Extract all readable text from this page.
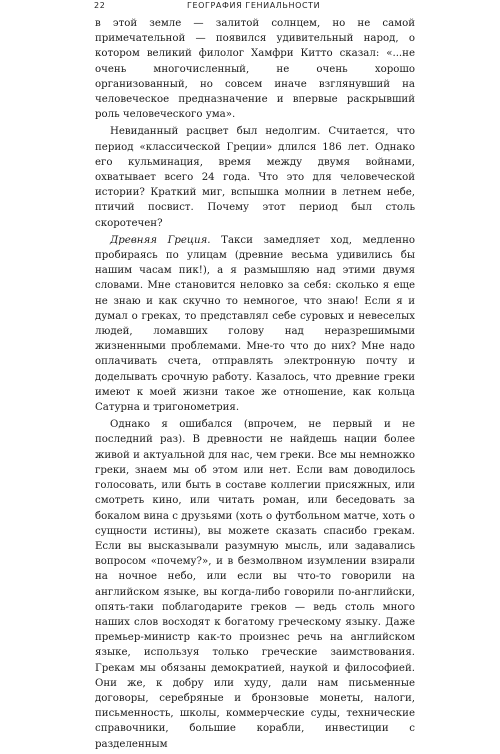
22	ГЕОГРАФИЯ ГЕНИАЛЬНОСТИ

в этой земле — залитой солнцем, но не самой примечательной — появился удивительный народ, о котором великий филолог Хамфри Китто сказал: «...не очень многочисленный, не очень хорошо организованный, но совсем иначе взглянувший на человеческое предназначение и впервые раскрывший роль человеческого ума».

Невиданный расцвет был недолгим. Считается, что период «классической Греции» длился 186 лет. Однако его кульминация, время между двумя войнами, охватывает всего 24 года. Что это для человеческой истории? Краткий миг, вспышка молнии в летнем небе, птичий посвист. Почему этот период был столь скоротечен?

Древняя Греция. Такси замедляет ход, медленно пробираясь по улицам (древние весьма удивились бы нашим часам пик!), а я размышляю над этими двумя словами. Мне становится неловко за себя: сколько я еще не знаю и как скучно то немногое, что знаю! Если я и думал о греках, то представлял себе суровых и невеселых людей, ломавших голову над неразрешимыми жизненными проблемами. Мне-то что до них? Мне надо оплачивать счета, отправлять электронную почту и доделывать срочную работу. Казалось, что древние греки имеют к моей жизни такое же отношение, как кольца Сатурна и тригонометрия.

Однако я ошибался (впрочем, не первый и не последний раз). В древности не найдешь нации более живой и актуальной для нас, чем греки. Все мы немножко греки, знаем мы об этом или нет. Если вам доводилось голосовать, или быть в составе коллегии присяжных, или смотреть кино, или читать роман, или беседовать за бокалом вина с друзьями (хоть о футбольном матче, хоть о сущности истины), вы можете сказать спасибо грекам. Если вы высказывали разумную мысль, или задавались вопросом «почему?», и в безмолвном изумлении взирали на ночное небо, или если вы что-то говорили на английском языке, вы когда-либо говорили по-английски, опять-таки поблагодарите греков — ведь столь много наших слов восходят к богатому греческому языку. Даже премьер-министр как-то произнес речь на английском языке, используя только греческие заимствования. Грекам мы обязаны демократией, наукой и философией. Они же, к добру или худу, дали нам письменные договоры, серебряные и бронзовые монеты, налоги, письменность, школы, коммерческие суды, технические справочники, большие корабли, инвестиции с разделенным
